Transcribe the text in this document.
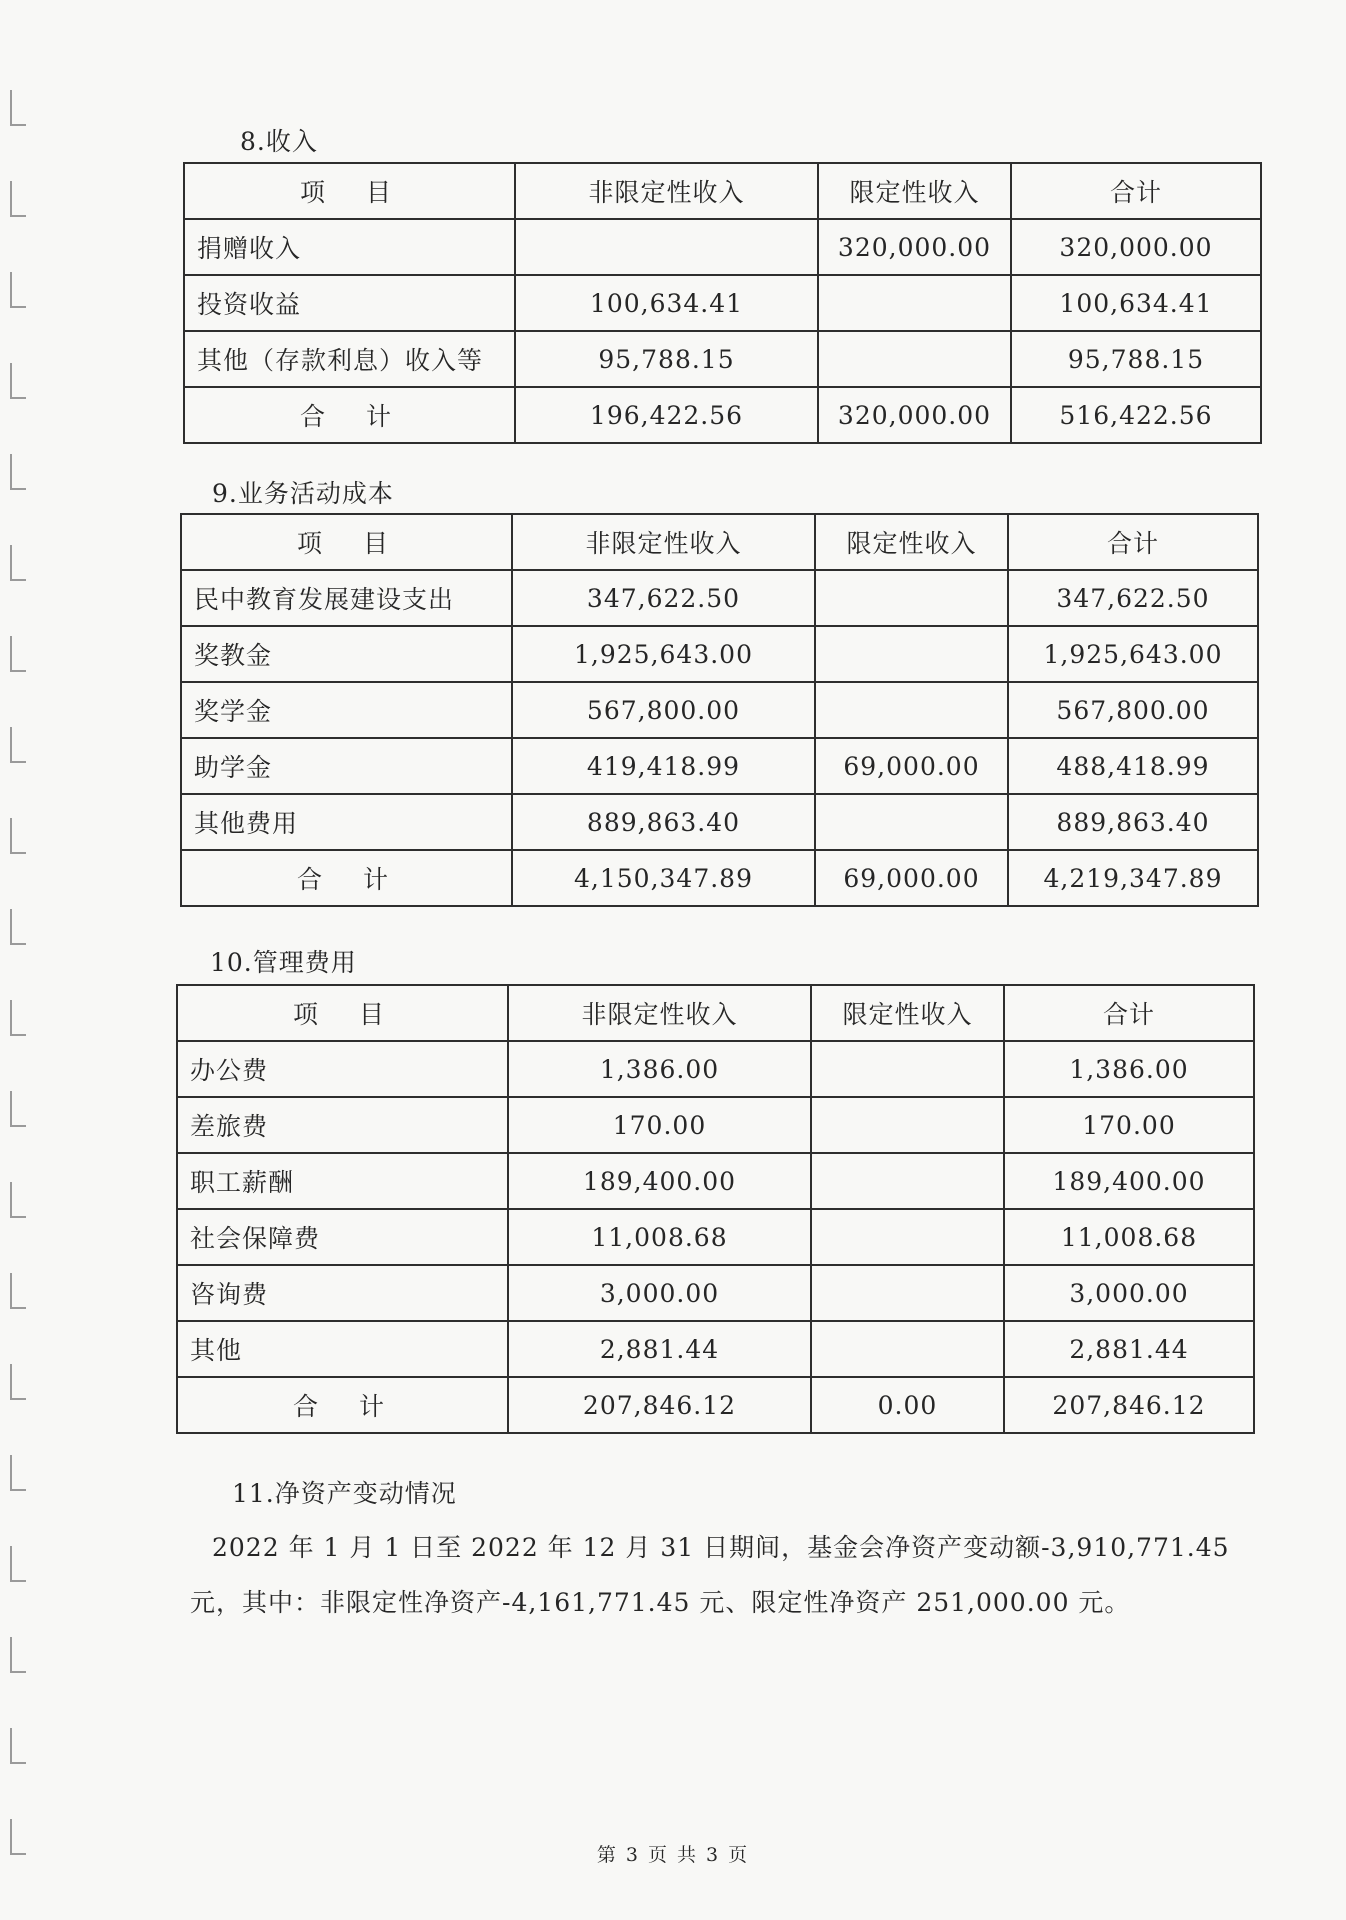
8.收入
项　目	非限定性收入	限定性收入	合计
捐赠收入		320,000.00	320,000.00
投资收益	100,634.41		100,634.41
其他（存款利息）收入等	95,788.15		95,788.15
合　计	196,422.56	320,000.00	516,422.56
9.业务活动成本
项　目	非限定性收入	限定性收入	合计
民中教育发展建设支出	347,622.50		347,622.50
奖教金	1,925,643.00		1,925,643.00
奖学金	567,800.00		567,800.00
助学金	419,418.99	69,000.00	488,418.99
其他费用	889,863.40		889,863.40
合　计	4,150,347.89	69,000.00	4,219,347.89
10.管理费用
项　目	非限定性收入	限定性收入	合计
办公费	1,386.00		1,386.00
差旅费	170.00		170.00
职工薪酬	189,400.00		189,400.00
社会保障费	11,008.68		11,008.68
咨询费	3,000.00		3,000.00
其他	2,881.44		2,881.44
合　计	207,846.12	0.00	207,846.12
11.净资产变动情况
2022 年 1 月 1 日至 2022 年 12 月 31 日期间，基金会净资产变动额-3,910,771.45
元，其中：非限定性净资产-4,161,771.45 元、限定性净资产 251,000.00 元。
第 3 页 共 3 页
